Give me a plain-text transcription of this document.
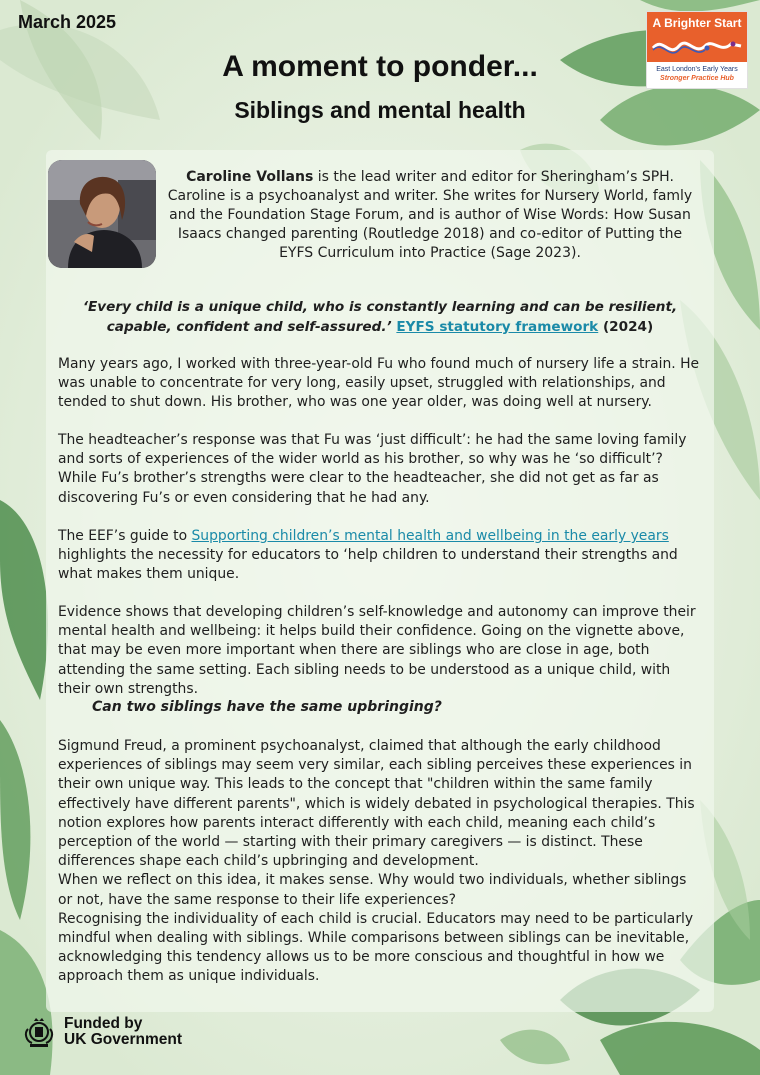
March 2025	A Brighter Start
East London's Early Years
Stronger Practice Hub
A moment to ponder...
Siblings and mental health
Caroline Vollans is the lead writer and editor for Sheringham’s SPH. Caroline is a psychoanalyst and writer. She writes for Nursery World, famly and the Foundation Stage Forum, and is author of Wise Words: How Susan Isaacs changed parenting (Routledge 2018) and co-editor of Putting the EYFS Curriculum into Practice (Sage 2023).
‘Every child is a unique child, who is constantly learning and can be resilient, capable, confident and self-assured.’ EYFS statutory framework (2024)

Many years ago, I worked with three-year-old Fu who found much of nursery life a strain. He was unable to concentrate for very long, easily upset, struggled with relationships, and tended to shut down. His brother, who was one year older, was doing well at nursery.

The headteacher’s response was that Fu was ‘just difficult’: he had the same loving family and sorts of experiences of the wider world as his brother, so why was he ‘so difficult’? While Fu’s brother’s strengths were clear to the headteacher, she did not get as far as discovering Fu’s or even considering that he had any.

The EEF’s guide to Supporting children’s mental health and wellbeing in the early years highlights the necessity for educators to ‘help children to understand their strengths and what makes them unique.

Evidence shows that developing children’s self-knowledge and autonomy can improve their mental health and wellbeing: it helps build their confidence. Going on the vignette above, that may be even more important when there are siblings who are close in age, both attending the same setting. Each sibling needs to be understood as a unique child, with their own strengths.

Can two siblings have the same upbringing?

Sigmund Freud, a prominent psychoanalyst, claimed that although the early childhood experiences of siblings may seem very similar, each sibling perceives these experiences in their own unique way. This leads to the concept that "children within the same family effectively have different parents", which is widely debated in psychological therapies. This notion explores how parents interact differently with each child, meaning each child’s perception of the world — starting with their primary caregivers — is distinct. These differences shape each child’s upbringing and development.

When we reflect on this idea, it makes sense. Why would two individuals, whether siblings or not, have the same response to their life experiences?

Recognising the individuality of each child is crucial. Educators may need to be particularly mindful when dealing with siblings. While comparisons between siblings can be inevitable, acknowledging this tendency allows us to be more conscious and thoughtful in how we approach them as unique individuals.

Funded by
UK Government
